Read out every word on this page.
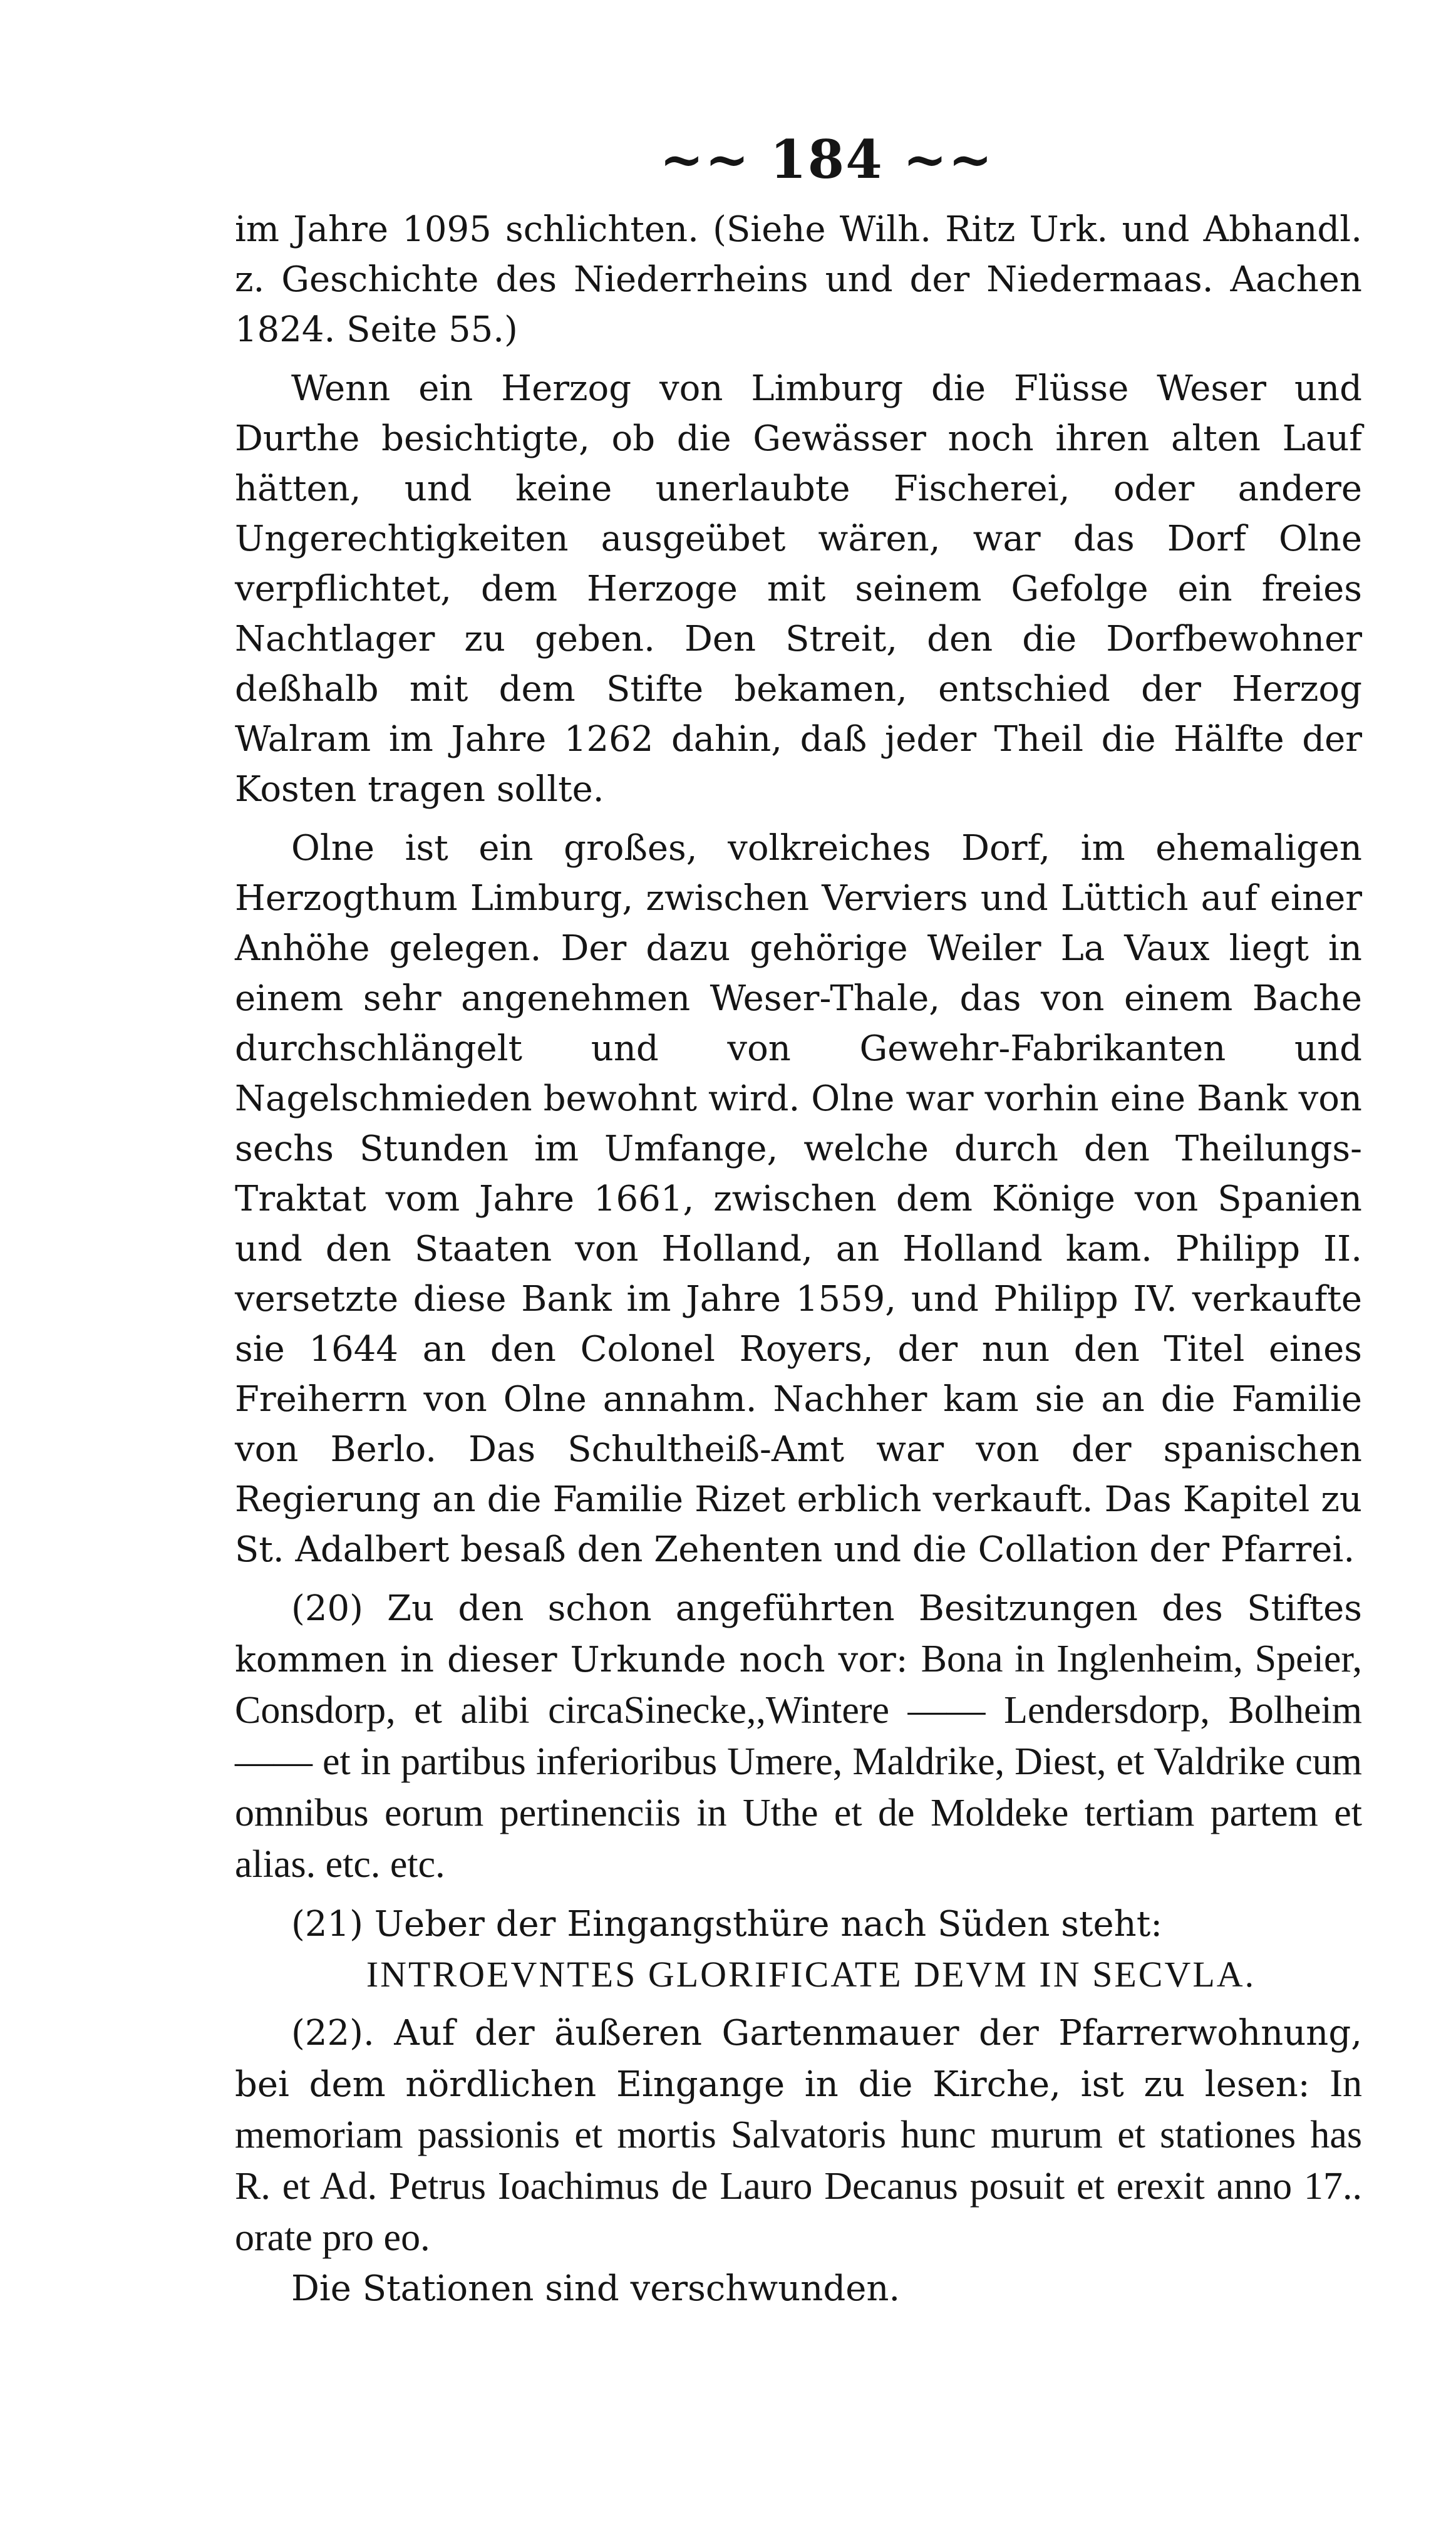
~~ 184 ~~

im Jahre 1095 schlichten. (Siehe Wilh. Ritz Urk. und Abhandl. z. Geschichte des Niederrheins und der Niedermaas. Aachen 1824. Seite 55.)

Wenn ein Herzog von Limburg die Flüsse Weser und Durthe besichtigte, ob die Gewässer noch ihren alten Lauf hätten, und keine unerlaubte Fischerei, oder andere Ungerechtigkeiten ausgeübet wären, war das Dorf Olne verpflichtet, dem Herzoge mit seinem Gefolge ein freies Nachtlager zu geben. Den Streit, den die Dorfbewohner deßhalb mit dem Stifte bekamen, entschied der Herzog Walram im Jahre 1262 dahin, daß jeder Theil die Hälfte der Kosten tragen sollte.

Olne ist ein großes, volkreiches Dorf, im ehemaligen Herzogthum Limburg, zwischen Verviers und Lüttich auf einer Anhöhe gelegen. Der dazu gehörige Weiler La Vaux liegt in einem sehr angenehmen Weser-Thale, das von einem Bache durchschlängelt und von Gewehr-Fabrikanten und Nagelschmieden bewohnt wird. Olne war vorhin eine Bank von sechs Stunden im Umfange, welche durch den Theilungs-Traktat vom Jahre 1661, zwischen dem Könige von Spanien und den Staaten von Holland, an Holland kam. Philipp II. versetzte diese Bank im Jahre 1559, und Philipp IV. verkaufte sie 1644 an den Colonel Royers, der nun den Titel eines Freiherrn von Olne annahm. Nachher kam sie an die Familie von Berlo. Das Schultheiß-Amt war von der spanischen Regierung an die Familie Rizet erblich verkauft. Das Kapitel zu St. Adalbert besaß den Zehenten und die Collation der Pfarrei.

(20) Zu den schon angeführten Besitzungen des Stiftes kommen in dieser Urkunde noch vor: Bona in Inglenheim, Speier, Consdorp, et alibi circaSinecke,,Wintere —— Lendersdorp, Bolheim —— et in partibus inferioribus Umere, Maldrike, Diest, et Valdrike cum omnibus eorum pertinenciis in Uthe et de Moldeke tertiam partem et alias. etc. etc.

(21) Ueber der Eingangsthüre nach Süden steht:

INTROEVNTES GLORIFICATE DEVM IN SECVLA.

(22). Auf der äußeren Gartenmauer der Pfarrerwohnung, bei dem nördlichen Eingange in die Kirche, ist zu lesen: In memoriam passionis et mortis Salvatoris hunc murum et stationes has R. et Ad. Petrus Ioachimus de Lauro Decanus posuit et erexit anno 17.. orate pro eo.

Die Stationen sind verschwunden.
